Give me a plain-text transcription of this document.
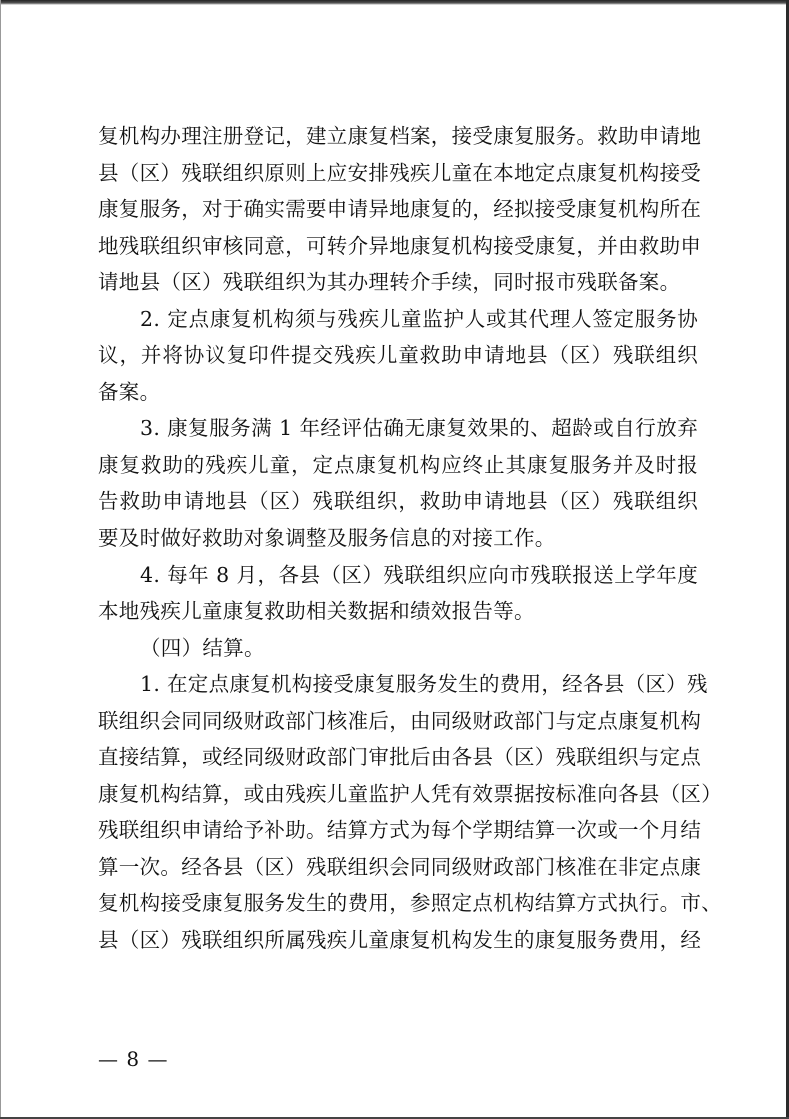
复机构办理注册登记，建立康复档案，接受康复服务。救助申请地
县（区）残联组织原则上应安排残疾儿童在本地定点康复机构接受
康复服务，对于确实需要申请异地康复的，经拟接受康复机构所在
地残联组织审核同意，可转介异地康复机构接受康复，并由救助申
请地县（区）残联组织为其办理转介手续，同时报市残联备案。
2. 定点康复机构须与残疾儿童监护人或其代理人签定服务协
议，并将协议复印件提交残疾儿童救助申请地县（区）残联组织
备案。
3. 康复服务满 1 年经评估确无康复效果的、超龄或自行放弃
康复救助的残疾儿童，定点康复机构应终止其康复服务并及时报
告救助申请地县（区）残联组织，救助申请地县（区）残联组织
要及时做好救助对象调整及服务信息的对接工作。
4. 每年 8 月，各县（区）残联组织应向市残联报送上学年度
本地残疾儿童康复救助相关数据和绩效报告等。
（四）结算。
1. 在定点康复机构接受康复服务发生的费用，经各县（区）残
联组织会同同级财政部门核准后，由同级财政部门与定点康复机构
直接结算，或经同级财政部门审批后由各县（区）残联组织与定点
康复机构结算，或由残疾儿童监护人凭有效票据按标准向各县（区）
残联组织申请给予补助。结算方式为每个学期结算一次或一个月结
算一次。经各县（区）残联组织会同同级财政部门核准在非定点康
复机构接受康复服务发生的费用，参照定点机构结算方式执行。市、
县（区）残联组织所属残疾儿童康复机构发生的康复服务费用，经
— 8 —
